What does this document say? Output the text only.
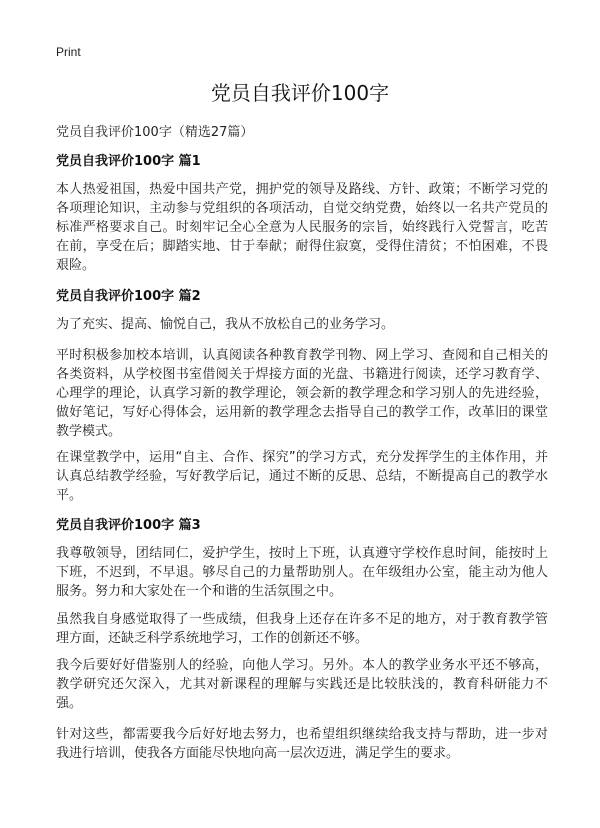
Print
党员自我评价100字
党员自我评价100字（精选27篇）
党员自我评价100字 篇1

本人热爱祖国，热爱中国共产党，拥护党的领导及路线、方针、政策；不断学习党的各项理论知识，主动参与党组织的各项活动，自觉交纳党费，始终以一名共产党员的标准严格要求自己。时刻牢记全心全意为人民服务的宗旨，始终践行入党誓言，吃苦在前，享受在后；脚踏实地、甘于奉献；耐得住寂寞，受得住清贫；不怕困难，不畏艰险。

党员自我评价100字 篇2

为了充实、提高、愉悦自己，我从不放松自己的业务学习。

平时积极参加校本培训，认真阅读各种教育教学刊物、网上学习、查阅和自己相关的各类资料，从学校图书室借阅关于焊接方面的光盘、书籍进行阅读，还学习教育学、心理学的理论，认真学习新的教学理论，领会新的教学理念和学习别人的先进经验，做好笔记，写好心得体会，运用新的教学理念去指导自己的教学工作，改革旧的课堂教学模式。

在课堂教学中，运用“自主、合作、探究”的学习方式，充分发挥学生的主体作用，并认真总结教学经验，写好教学后记，通过不断的反思、总结，不断提高自己的教学水平。

党员自我评价100字 篇3

我尊敬领导，团结同仁，爱护学生，按时上下班，认真遵守学校作息时间，能按时上下班，不迟到，不早退。够尽自己的力量帮助别人。在年级组办公室，能主动为他人服务。努力和大家处在一个和谐的生活氛围之中。

虽然我自身感觉取得了一些成绩，但我身上还存在许多不足的地方，对于教育教学管理方面，还缺乏科学系统地学习，工作的创新还不够。

我今后要好好借鉴别人的经验，向他人学习。另外。本人的教学业务水平还不够高，教学研究还欠深入，尤其对新课程的理解与实践还是比较肤浅的，教育科研能力不强。

针对这些，都需要我今后好好地去努力，也希望组织继续给我支持与帮助，进一步对我进行培训，使我各方面能尽快地向高一层次迈进，满足学生的要求。
